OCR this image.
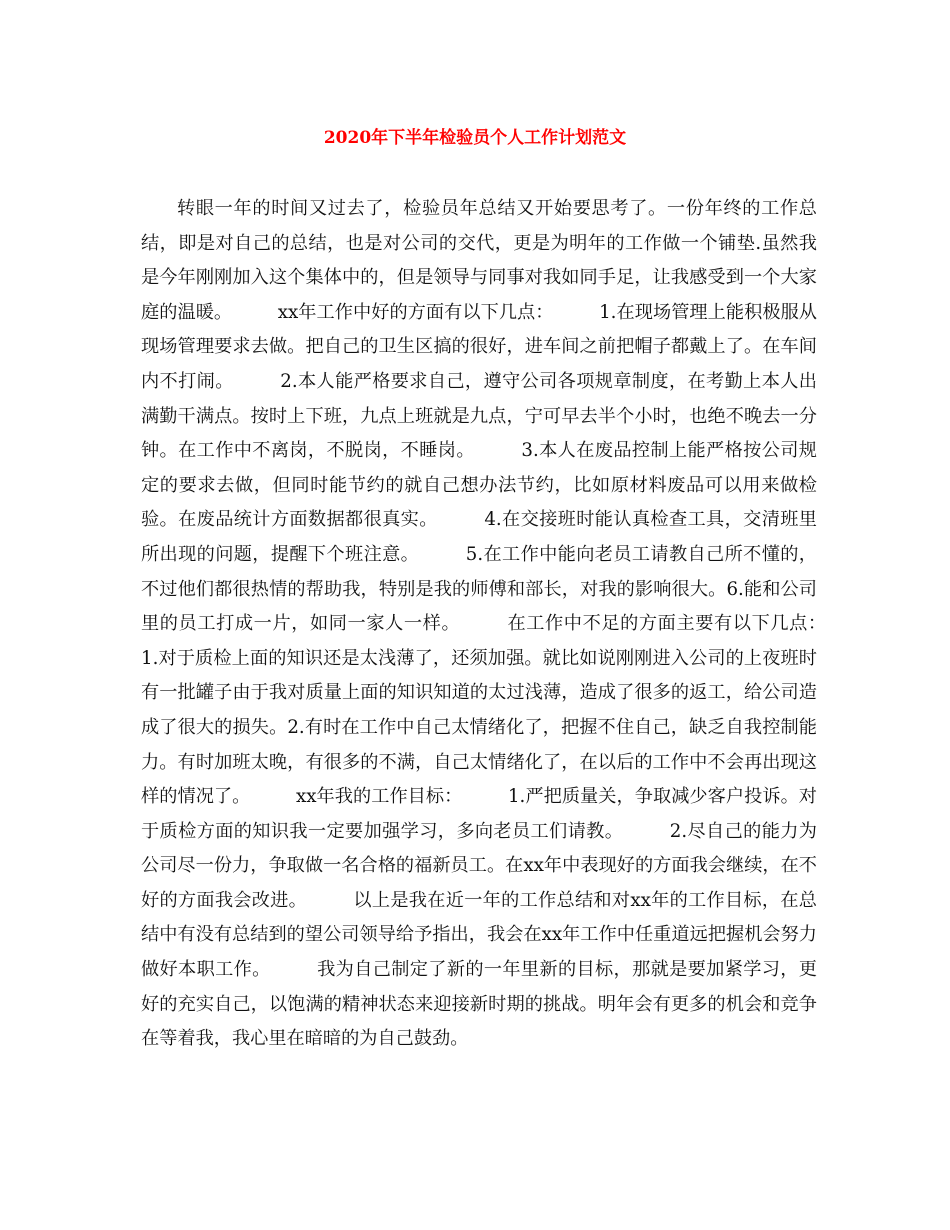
2020年下半年检验员个人工作计划范文

转眼一年的时间又过去了，检验员年总结又开始要思考了。一份年终的工作总结，即是对自己的总结，也是对公司的交代，更是为明年的工作做一个铺垫.虽然我是今年刚刚加入这个集体中的，但是领导与同事对我如同手足，让我感受到一个大家庭的温暖。　　　xx年工作中好的方面有以下几点：　　　1.在现场管理上能积极服从现场管理要求去做。把自己的卫生区搞的很好，进车间之前把帽子都戴上了。在车间内不打闹。　　　2.本人能严格要求自己，遵守公司各项规章制度，在考勤上本人出满勤干满点。按时上下班，九点上班就是九点，宁可早去半个小时，也绝不晚去一分钟。在工作中不离岗，不脱岗，不睡岗。　　　3.本人在废品控制上能严格按公司规定的要求去做，但同时能节约的就自己想办法节约，比如原材料废品可以用来做检验。在废品统计方面数据都很真实。　　　4.在交接班时能认真检查工具，交清班里所出现的问题，提醒下个班注意。　　　5.在工作中能向老员工请教自己所不懂的，不过他们都很热情的帮助我，特别是我的师傅和部长，对我的影响很大。6.能和公司里的员工打成一片，如同一家人一样。　　　在工作中不足的方面主要有以下几点：　　　1.对于质检上面的知识还是太浅薄了，还须加强。就比如说刚刚进入公司的上夜班时有一批罐子由于我对质量上面的知识知道的太过浅薄，造成了很多的返工，给公司造成了很大的损失。2.有时在工作中自己太情绪化了，把握不住自己，缺乏自我控制能力。有时加班太晚，有很多的不满，自己太情绪化了，在以后的工作中不会再出现这样的情况了。　　　xx年我的工作目标：　　　1.严把质量关，争取减少客户投诉。对于质检方面的知识我一定要加强学习，多向老员工们请教。　　　2.尽自己的能力为公司尽一份力，争取做一名合格的福新员工。在xx年中表现好的方面我会继续，在不好的方面我会改进。　　　以上是我在近一年的工作总结和对xx年的工作目标，在总结中有没有总结到的望公司领导给予指出，我会在xx年工作中任重道远把握机会努力做好本职工作。　　　我为自己制定了新的一年里新的目标，那就是要加紧学习，更好的充实自己，以饱满的精神状态来迎接新时期的挑战。明年会有更多的机会和竞争在等着我，我心里在暗暗的为自己鼓劲。
